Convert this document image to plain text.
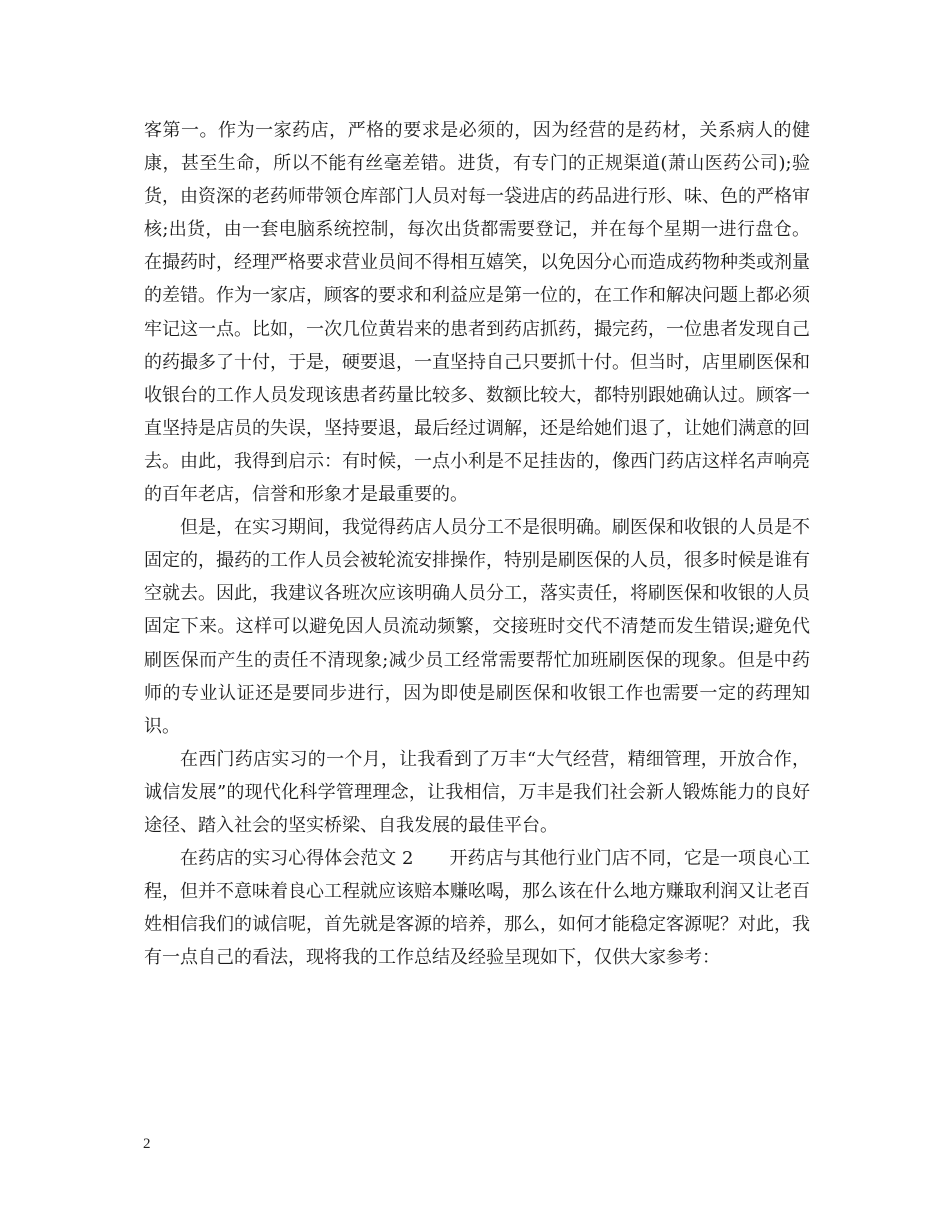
客第一。作为一家药店，严格的要求是必须的，因为经营的是药材，关系病人的健康，甚至生命，所以不能有丝毫差错。进货，有专门的正规渠道(萧山医药公司);验货，由资深的老药师带领仓库部门人员对每一袋进店的药品进行形、味、色的严格审核;出货，由一套电脑系统控制，每次出货都需要登记，并在每个星期一进行盘仓。在撮药时，经理严格要求营业员间不得相互嬉笑，以免因分心而造成药物种类或剂量的差错。作为一家店，顾客的要求和利益应是第一位的，在工作和解决问题上都必须牢记这一点。比如，一次几位黄岩来的患者到药店抓药，撮完药，一位患者发现自己的药撮多了十付，于是，硬要退，一直坚持自己只要抓十付。但当时，店里刷医保和收银台的工作人员发现该患者药量比较多、数额比较大，都特别跟她确认过。顾客一直坚持是店员的失误，坚持要退，最后经过调解，还是给她们退了，让她们满意的回去。由此，我得到启示：有时候，一点小利是不足挂齿的，像西门药店这样名声响亮的百年老店，信誉和形象才是最重要的。

但是，在实习期间，我觉得药店人员分工不是很明确。刷医保和收银的人员是不固定的，撮药的工作人员会被轮流安排操作，特别是刷医保的人员，很多时候是谁有空就去。因此，我建议各班次应该明确人员分工，落实责任，将刷医保和收银的人员固定下来。这样可以避免因人员流动频繁，交接班时交代不清楚而发生错误;避免代刷医保而产生的责任不清现象;减少员工经常需要帮忙加班刷医保的现象。但是中药师的专业认证还是要同步进行，因为即使是刷医保和收银工作也需要一定的药理知识。

在西门药店实习的一个月，让我看到了万丰“大气经营，精细管理，开放合作，诚信发展”的现代化科学管理理念，让我相信，万丰是我们社会新人锻炼能力的良好途径、踏入社会的坚实桥梁、自我发展的最佳平台。

在药店的实习心得体会范文 2 开药店与其他行业门店不同，它是一项良心工程，但并不意味着良心工程就应该赔本赚吆喝，那么该在什么地方赚取利润又让老百姓相信我们的诚信呢，首先就是客源的培养，那么，如何才能稳定客源呢？对此，我有一点自己的看法，现将我的工作总结及经验呈现如下，仅供大家参考：

2
